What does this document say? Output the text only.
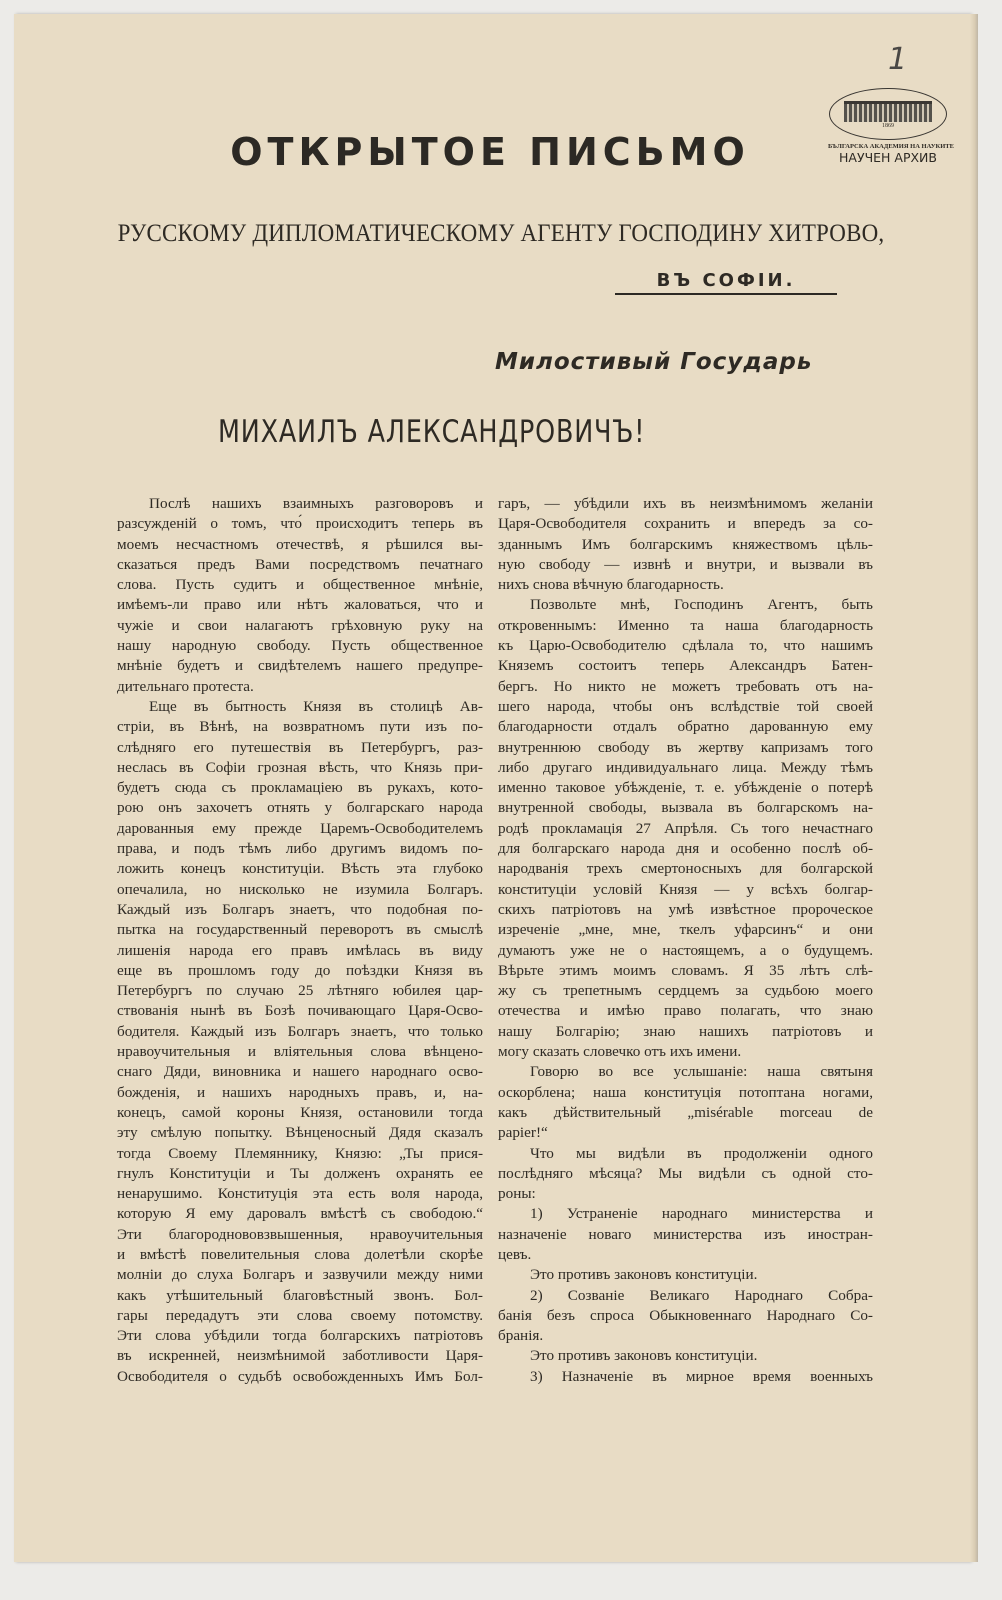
1
1869
БЪЛГАРСКА АКАДЕМИЯ НА НАУКИТЕ
НАУЧЕН АРХИВ
ОТКРЫТОЕ ПИСЬМО
РУССКОМУ ДИПЛОМАТИЧЕСКОМУ АГЕНТУ ГОСПОДИНУ ХИТРОВО,
ВЪ СОФІИ.
Милостивый Государь
МИХАИЛЪ АЛЕКСАНДРОВИЧЪ!
Послѣ нашихъ взаимныхъ разговоровъ и
разсужденій о томъ, что́ происходитъ теперь въ
моемъ несчастномъ отечествѣ, я рѣшился вы-
сказаться предъ Вами посредствомъ печатнаго
слова. Пусть судитъ и общественное мнѣніе,
имѣемъ-ли право или нѣтъ жаловаться, что и
чужіе и свои налагаютъ грѣховную руку на
нашу народную свободу. Пусть общественное
мнѣніе будетъ и свидѣтелемъ нашего предупре-
дительнаго протеста.
Еще въ бытность Князя въ столицѣ Ав-
стріи, въ Вѣнѣ, на возвратномъ пути изъ по-
слѣдняго его путешествія въ Петербургъ, раз-
неслась въ Софіи грозная вѣсть, что Князь при-
будетъ сюда съ прокламаціею въ рукахъ, кото-
рою онъ захочетъ отнять у болгарскаго народа
дарованныя ему прежде Царемъ-Освободителемъ
права, и подъ тѣмъ либо другимъ видомъ по-
ложить конецъ конституціи. Вѣсть эта глубоко
опечалила, но нисколько не изумила Болгаръ.
Каждый изъ Болгаръ знаетъ, что подобная по-
пытка на государственный переворотъ въ смыслѣ
лишенія народа его правъ имѣлась въ виду
еще въ прошломъ году до поѣздки Князя въ
Петербургъ по случаю 25 лѣтняго юбилея цар-
ствованія нынѣ въ Бозѣ почивающаго Царя-Осво-
бодителя. Каждый изъ Болгаръ знаетъ, что только
нравоучительныя и вліятельныя слова вѣнцено-
снаго Дяди, виновника и нашего народнаго осво-
божденія, и нашихъ народныхъ правъ, и, на-
конецъ, самой короны Князя, остановили тогда
эту смѣлую попытку. Вѣнценосный Дядя сказалъ
тогда Своему Племяннику, Князю: „Ты прися-
гнулъ Конституціи и Ты долженъ охранять ее
ненарушимо. Конституція эта есть воля народа,
которую Я ему даровалъ вмѣстѣ съ свободою.“
Эти благороднововзвышенныя, нравоучительныя
и вмѣстѣ повелительныя слова долетѣли скорѣе
молніи до слуха Болгаръ и зазвучили между ними
какъ утѣшительный благовѣстный звонъ. Бол-
гары передадутъ эти слова своему потомству.
Эти слова убѣдили тогда болгарскихъ патріотовъ
въ искренней, неизмѣнимой заботливости Царя-
Освободителя о судьбѣ освобожденныхъ Имъ Бол-
гаръ, — убѣдили ихъ въ неизмѣнимомъ желаніи
Царя-Освободителя сохранить и впередъ за со-
зданнымъ Имъ болгарскимъ княжествомъ цѣль-
ную свободу — извнѣ и внутри, и вызвали въ
нихъ снова вѣчную благодарность.
Позвольте мнѣ, Господинъ Агентъ, быть
откровеннымъ: Именно та наша благодарность
къ Царю-Освободителю сдѣлала то, что нашимъ
Княземъ состоитъ теперь Александръ Батен-
бергъ. Но никто не можетъ требовать отъ на-
шего народа, чтобы онъ вслѣдствіе той своей
благодарности отдалъ обратно дарованную ему
внутреннюю свободу въ жертву капризамъ того
либо другаго индивидуальнаго лица. Между тѣмъ
именно таковое убѣжденіе, т. е. убѣжденіе о потерѣ
внутренной свободы, вызвала въ болгарскомъ на-
родѣ прокламація 27 Апрѣля. Съ того нечастнаго
для болгарскаго народа дня и особенно послѣ об-
народванія трехъ смертоносныхъ для болгарской
конституціи условій Князя — у всѣхъ болгар-
скихъ патріотовъ на умѣ извѣстное пророческое
изреченіе „мне, мне, ткелъ уфарсинъ“ и они
думаютъ уже не о настоящемъ, а о будущемъ.
Вѣрьте этимъ моимъ словамъ. Я 35 лѣтъ слѣ-
жу съ трепетнымъ сердцемъ за судьбою моего
отечества и имѣю право полагать, что знаю
нашу Болгарію; знаю нашихъ патріотовъ и
могу сказать словечко отъ ихъ имени.
Говорю во все услышаніе: наша святыня
оскорблена; наша конституція потоптана ногами,
какъ дѣйствительный „misérable morceau de
papier!“
Что мы видѣли въ продолженіи одного
послѣдняго мѣсяца? Мы видѣли съ одной сто-
роны:
1) Устраненіе народнаго министерства и
назначеніе новаго министерства изъ иностран-
цевъ.
Это противъ законовъ конституціи.
2) Созваніе Великаго Народнаго Собра-
банія безъ спроса Обыкновеннаго Народнаго Со-
бранія.
Это противъ законовъ конституціи.
3) Назначеніе въ мирное время военныхъ
